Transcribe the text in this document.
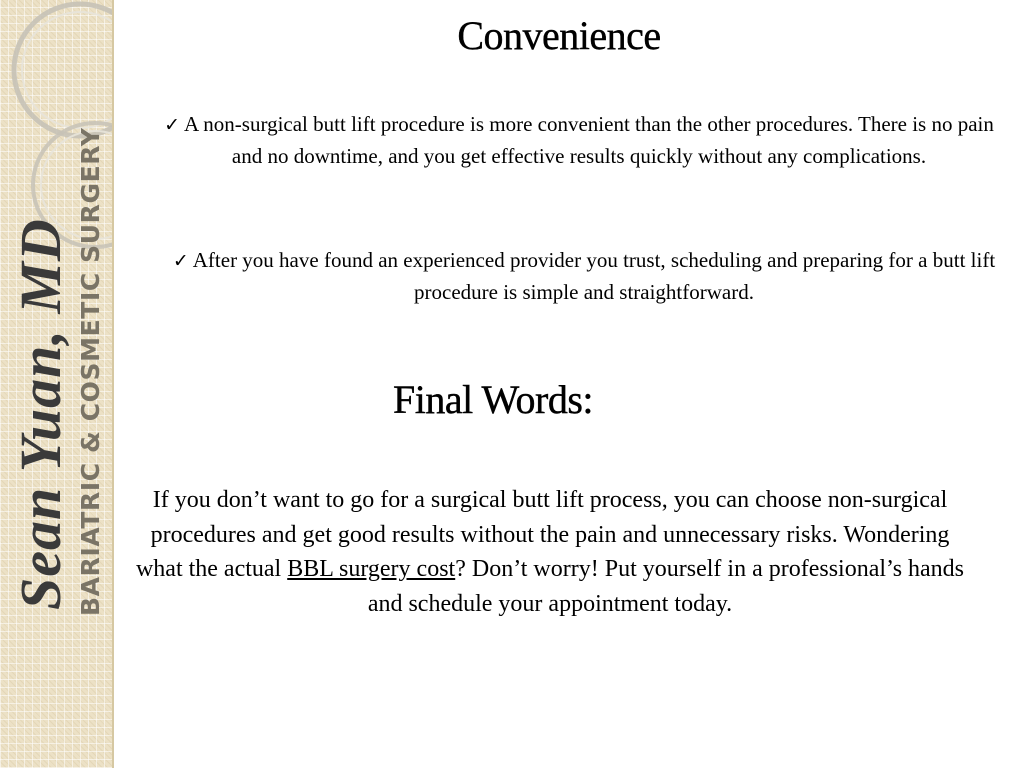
Sean Yuan, MD BARIATRIC & COSMETIC SURGERY
Convenience

✓ A non-surgical butt lift procedure is more convenient than the other procedures. There is no pain and no downtime, and you get effective results quickly without any complications.

✓ After you have found an experienced provider you trust, scheduling and preparing for a butt lift procedure is simple and straightforward.

Final Words:

If you don’t want to go for a surgical butt lift process, you can choose non-surgical procedures and get good results without the pain and unnecessary risks. Wondering what the actual BBL surgery cost? Don’t worry! Put yourself in a professional’s hands and schedule your appointment today.
